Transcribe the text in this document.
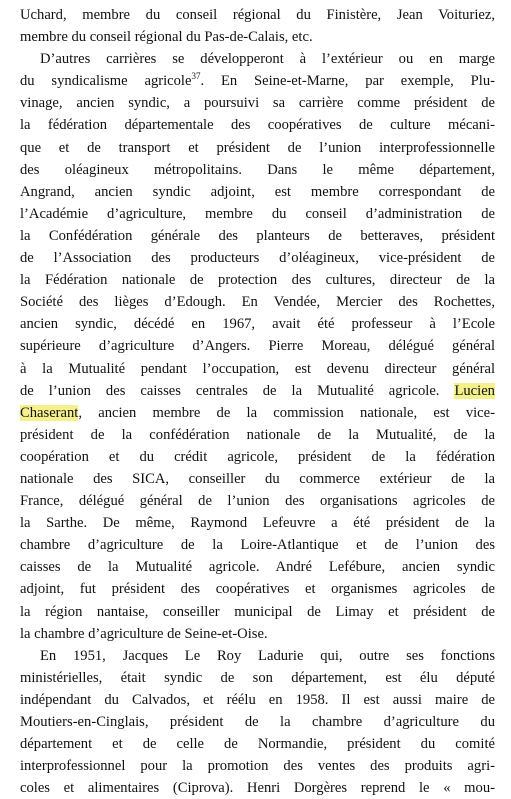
Uchard, membre du conseil régional du Finistère, Jean Voituriez,
membre du conseil régional du Pas-de-Calais, etc.

D’autres carrières se développeront à l’extérieur ou en marge
du syndicalisme agricole$^{37}$. En Seine-et-Marne, par exemple, Plu-
vinage, ancien syndic, a poursuivi sa carrière comme président de
la fédération départementale des coopératives de culture mécani-
que et de transport et président de l’union interprofessionnelle
des oléagineux métropolitains. Dans le même département,
Angrand, ancien syndic adjoint, est membre correspondant de
l’Académie d’agriculture, membre du conseil d’administration de
la Confédération générale des planteurs de betteraves, président
de l’Association des producteurs d’oléagineux, vice-président de
la Fédération nationale de protection des cultures, directeur de la
Société des lièges d’Edough. En Vendée, Mercier des Rochettes,
ancien syndic, décédé en 1967, avait été professeur à l’Ecole
supérieure d’agriculture d’Angers. Pierre Moreau, délégué général
à la Mutualité pendant l’occupation, est devenu directeur général
de l’union des caisses centrales de la Mutualité agricole. Lucien
Chaserant, ancien membre de la commission nationale, est vice-
président de la confédération nationale de la Mutualité, de la
coopération et du crédit agricole, président de la fédération
nationale des SICA, conseiller du commerce extérieur de la
France, délégué général de l’union des organisations agricoles de
la Sarthe. De même, Raymond Lefeuvre a été président de la
chambre d’agriculture de la Loire-Atlantique et de l’union des
caisses de la Mutualité agricole. André Lefébure, ancien syndic
adjoint, fut président des coopératives et organismes agricoles de
la région nantaise, conseiller municipal de Limay et président de
la chambre d’agriculture de Seine-et-Oise.

En 1951, Jacques Le Roy Ladurie qui, outre ses fonctions
ministérielles, était syndic de son département, est élu député
indépendant du Calvados, et réélu en 1958. Il est aussi maire de
Moutiers-en-Cinglais, président de la chambre d’agriculture du
département et de celle de Normandie, président du comité
interprofessionnel pour la promotion des ventes des produits agri-
coles et alimentaires (Ciprova). Henri Dorgères reprend le « mou-
